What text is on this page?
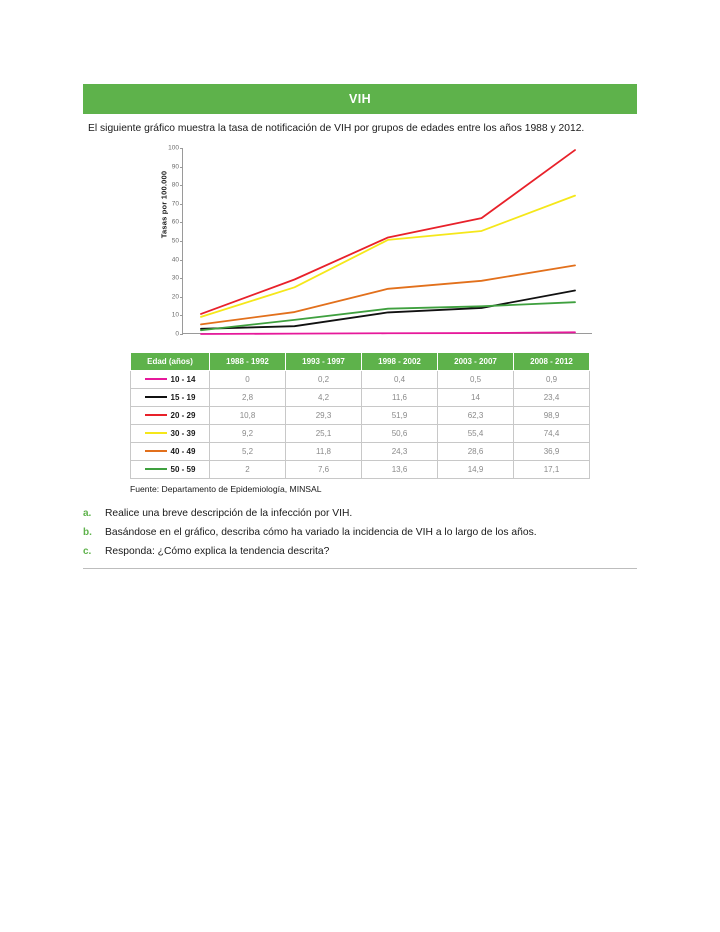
VIH
El siguiente gráfico muestra la tasa de notificación de VIH por grupos de edades entre los años 1988 y 2012.
Tasas por 100.000
0
10
20
30
40
50
60
70
80
90
100
Edad (años)	1988 - 1992	1993 - 1997	1998 - 2002	2003 - 2007	2008 - 2012
10 - 14	0	0,2	0,4	0,5	0,9
15 - 19	2,8	4,2	11,6	14	23,4
20 - 29	10,8	29,3	51,9	62,3	98,9
30 - 39	9,2	25,1	50,6	55,4	74,4
40 - 49	5,2	11,8	24,3	28,6	36,9
50 - 59	2	7,6	13,6	14,9	17,1
Fuente: Departamento de Epidemiología, MINSAL
a.	Realice una breve descripción de la infección por VIH.
b.	Basándose en el gráfico, describa cómo ha variado la incidencia de VIH a lo largo de los años.
c.	Responda: ¿Cómo explica la tendencia descrita?
